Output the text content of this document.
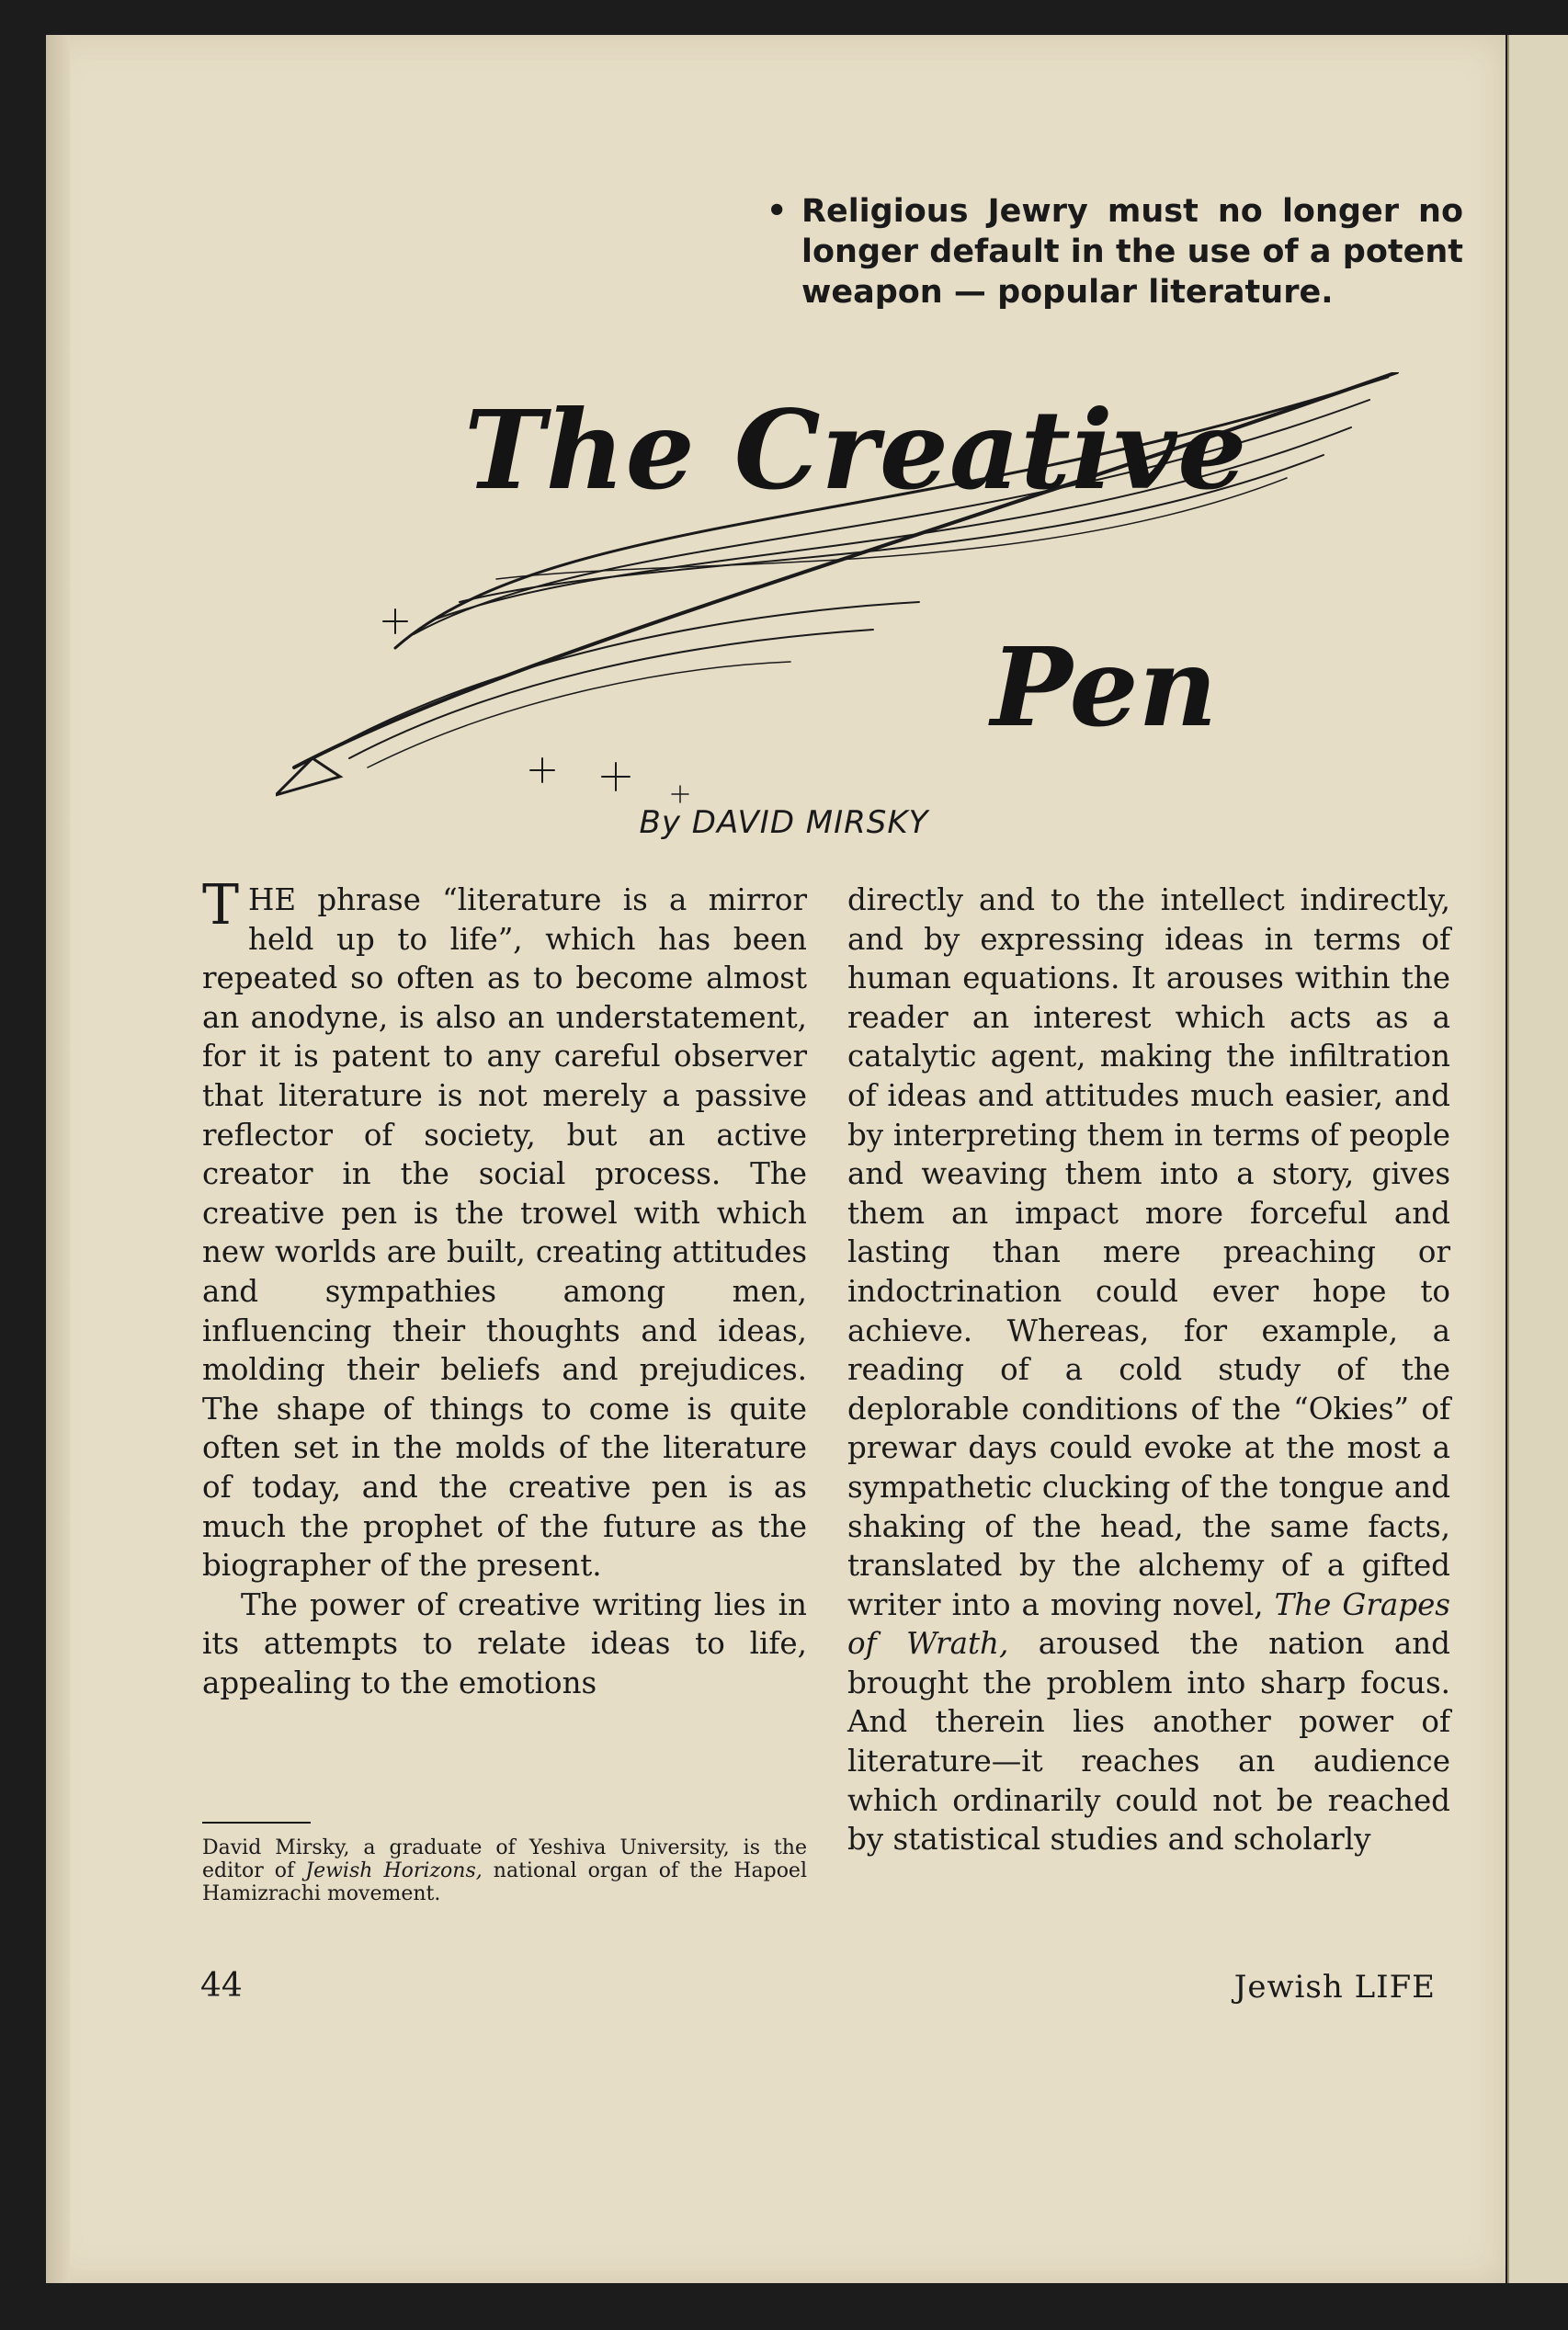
• Religious Jewry must no longer no longer default in the use of a potent weapon — popular literature.
The Creative
Pen
By DAVID MIRSKY

THE phrase “literature is a mirror held up to life”, which has been repeated so often as to become almost an anodyne, is also an understatement, for it is patent to any careful observer that literature is not merely a passive reflector of society, but an active creator in the social process. The creative pen is the trowel with which new worlds are built, creating attitudes and sympathies among men, influencing their thoughts and ideas, molding their beliefs and prejudices. The shape of things to come is quite often set in the molds of the literature of today, and the creative pen is as much the prophet of the future as the biographer of the present.

The power of creative writing lies in its attempts to relate ideas to life, appealing to the emotions

directly and to the intellect indirectly, and by expressing ideas in terms of human equations. It arouses within the reader an interest which acts as a catalytic agent, making the infiltration of ideas and attitudes much easier, and by interpreting them in terms of people and weaving them into a story, gives them an impact more forceful and lasting than mere preaching or indoctrination could ever hope to achieve. Whereas, for example, a reading of a cold study of the deplorable conditions of the “Okies” of prewar days could evoke at the most a sympathetic clucking of the tongue and shaking of the head, the same facts, translated by the alchemy of a gifted writer into a moving novel, The Grapes of Wrath, aroused the nation and brought the problem into sharp focus. And therein lies another power of literature—it reaches an audience which ordinarily could not be reached by statistical studies and scholarly

David Mirsky, a graduate of Yeshiva University, is the editor of Jewish Horizons, national organ of the Hapoel Hamizrachi movement.
44	Jewish LIFE
